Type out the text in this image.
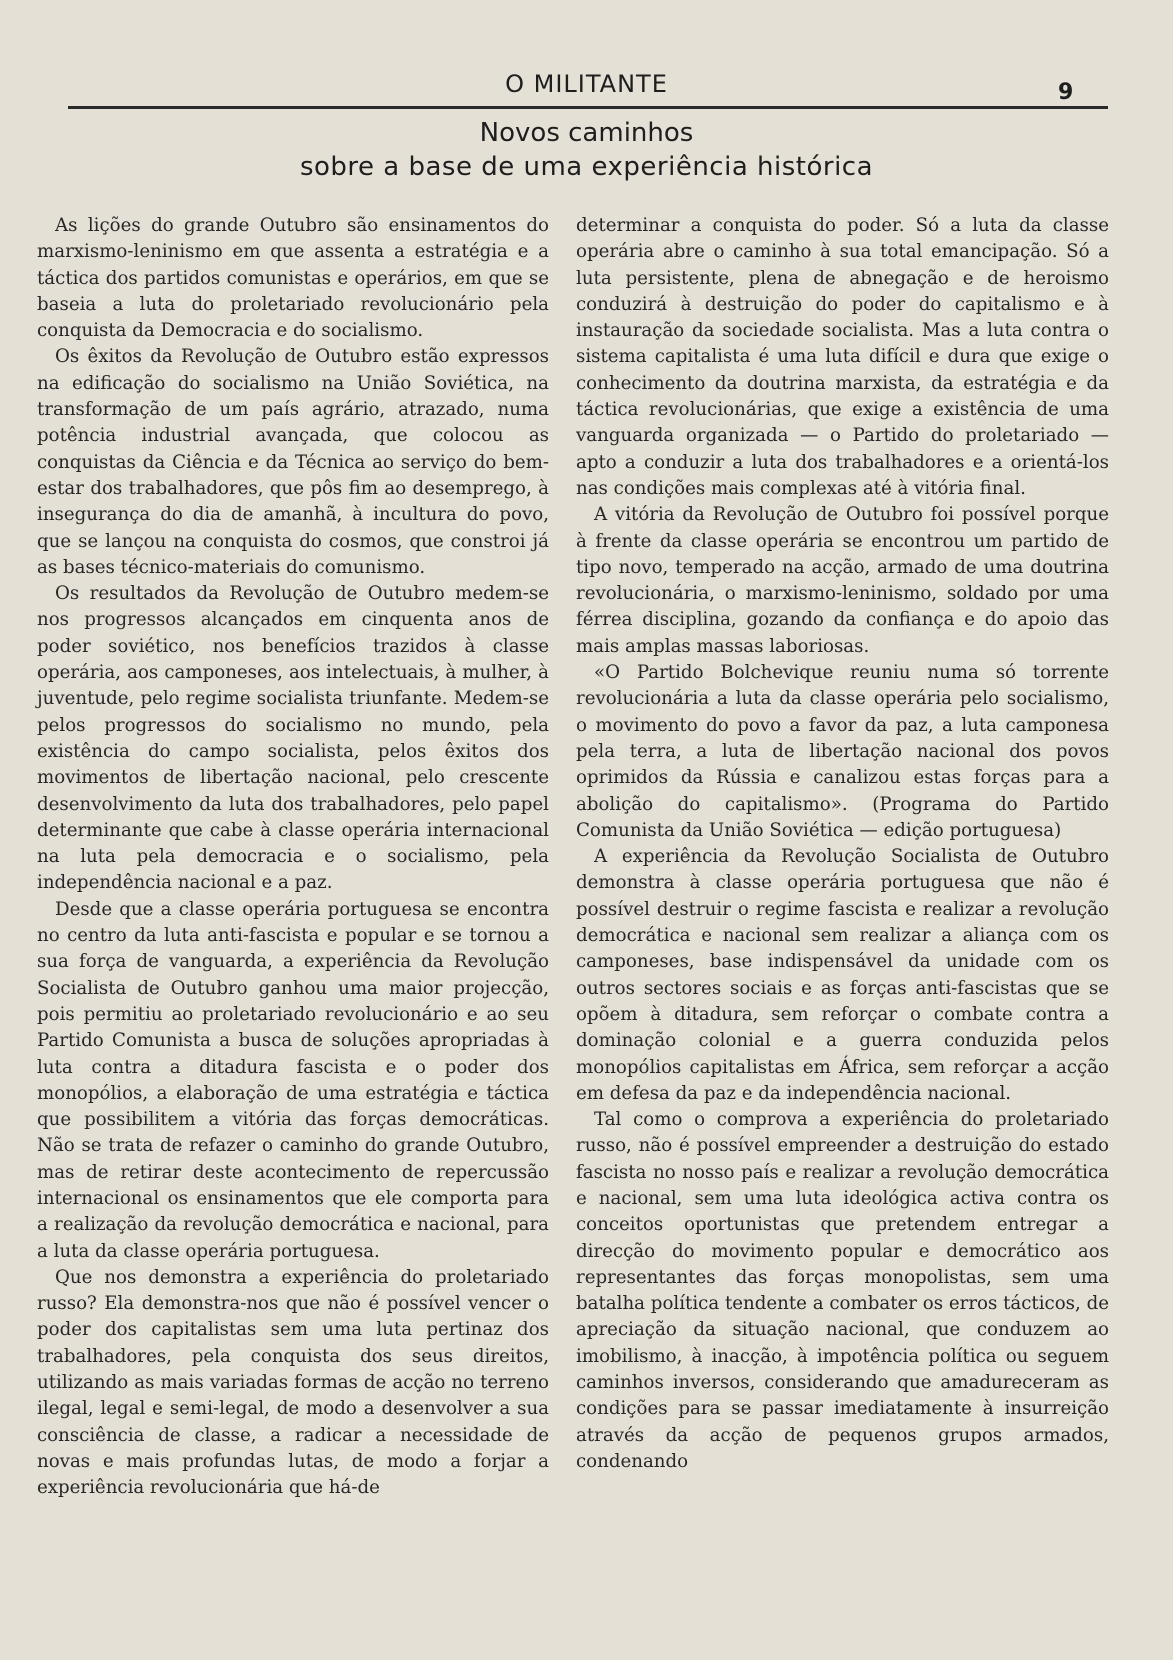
O MILITANTE	9
Novos caminhos
sobre a base de uma experiência histórica

As lições do grande Outubro são ensinamentos do marxismo-leninismo em que assenta a estratégia e a táctica dos partidos comunistas e operários, em que se baseia a luta do proletariado revolucionário pela conquista da Democracia e do socialismo.

Os êxitos da Revolução de Outubro estão expressos na edificação do socialismo na União Soviética, na transformação de um país agrário, atrazado, numa potência industrial avançada, que colocou as conquistas da Ciência e da Técnica ao serviço do bem-estar dos trabalhadores, que pôs fim ao desemprego, à insegurança do dia de amanhã, à incultura do povo, que se lançou na conquista do cosmos, que constroi já as bases técnico-materiais do comunismo.

Os resultados da Revolução de Outubro medem-se nos progressos alcançados em cinquenta anos de poder soviético, nos benefícios trazidos à classe operária, aos camponeses, aos intelectuais, à mulher, à juventude, pelo regime socialista triunfante. Medem-se pelos progressos do socialismo no mundo, pela existência do campo socialista, pelos êxitos dos movimentos de libertação nacional, pelo crescente desenvolvimento da luta dos trabalhadores, pelo papel determinante que cabe à classe operária internacional na luta pela democracia e o socialismo, pela independência nacional e a paz.

Desde que a classe operária portuguesa se encontra no centro da luta anti-fascista e popular e se tornou a sua força de vanguarda, a experiência da Revolução Socialista de Outubro ganhou uma maior projecção, pois permitiu ao proletariado revolucionário e ao seu Partido Comunista a busca de soluções apropriadas à luta contra a ditadura fascista e o poder dos monopólios, a elaboração de uma estratégia e táctica que possibilitem a vitória das forças democráticas. Não se trata de refazer o caminho do grande Outubro, mas de retirar deste acontecimento de repercussão internacional os ensinamentos que ele comporta para a realização da revolução democrática e nacional, para a luta da classe operária portuguesa.

Que nos demonstra a experiência do proletariado russo? Ela demonstra-nos que não é possível vencer o poder dos capitalistas sem uma luta pertinaz dos trabalhadores, pela conquista dos seus direitos, utilizando as mais variadas formas de acção no terreno ilegal, legal e semi-legal, de modo a desenvolver a sua consciência de classe, a radicar a necessidade de novas e mais profundas lutas, de modo a forjar a experiência revolucionária que há-de

determinar a conquista do poder. Só a luta da classe operária abre o caminho à sua total emancipação. Só a luta persistente, plena de abnegação e de heroismo conduzirá à destruição do poder do capitalismo e à instauração da sociedade socialista. Mas a luta contra o sistema capitalista é uma luta difícil e dura que exige o conhecimento da doutrina marxista, da estratégia e da táctica revolucionárias, que exige a existência de uma vanguarda organizada — o Partido do proletariado — apto a conduzir a luta dos trabalhadores e a orientá-los nas condições mais complexas até à vitória final.

A vitória da Revolução de Outubro foi possível porque à frente da classe operária se encontrou um partido de tipo novo, temperado na acção, armado de uma doutrina revolucionária, o marxismo-leninismo, soldado por uma férrea disciplina, gozando da confiança e do apoio das mais amplas massas laboriosas.

«O Partido Bolchevique reuniu numa só torrente revolucionária a luta da classe operária pelo socialismo, o movimento do povo a favor da paz, a luta camponesa pela terra, a luta de libertação nacional dos povos oprimidos da Rússia e canalizou estas forças para a abolição do capitalismo». (Programa do Partido Comunista da União Soviética — edição portuguesa)

A experiência da Revolução Socialista de Outubro demonstra à classe operária portuguesa que não é possível destruir o regime fascista e realizar a revolução democrática e nacional sem realizar a aliança com os camponeses, base indispensável da unidade com os outros sectores sociais e as forças anti-fascistas que se opõem à ditadura, sem reforçar o combate contra a dominação colonial e a guerra conduzida pelos monopólios capitalistas em África, sem reforçar a acção em defesa da paz e da independência nacional.

Tal como o comprova a experiência do proletariado russo, não é possível empreender a destruição do estado fascista no nosso país e realizar a revolução democrática e nacional, sem uma luta ideológica activa contra os conceitos oportunistas que pretendem entregar a direcção do movimento popular e democrático aos representantes das forças monopolistas, sem uma batalha política tendente a combater os erros tácticos, de apreciação da situação nacional, que conduzem ao imobilismo, à inacção, à impotência política ou seguem caminhos inversos, considerando que amadureceram as condições para se passar imediatamente à insurreição através da acção de pequenos grupos armados, condenando
